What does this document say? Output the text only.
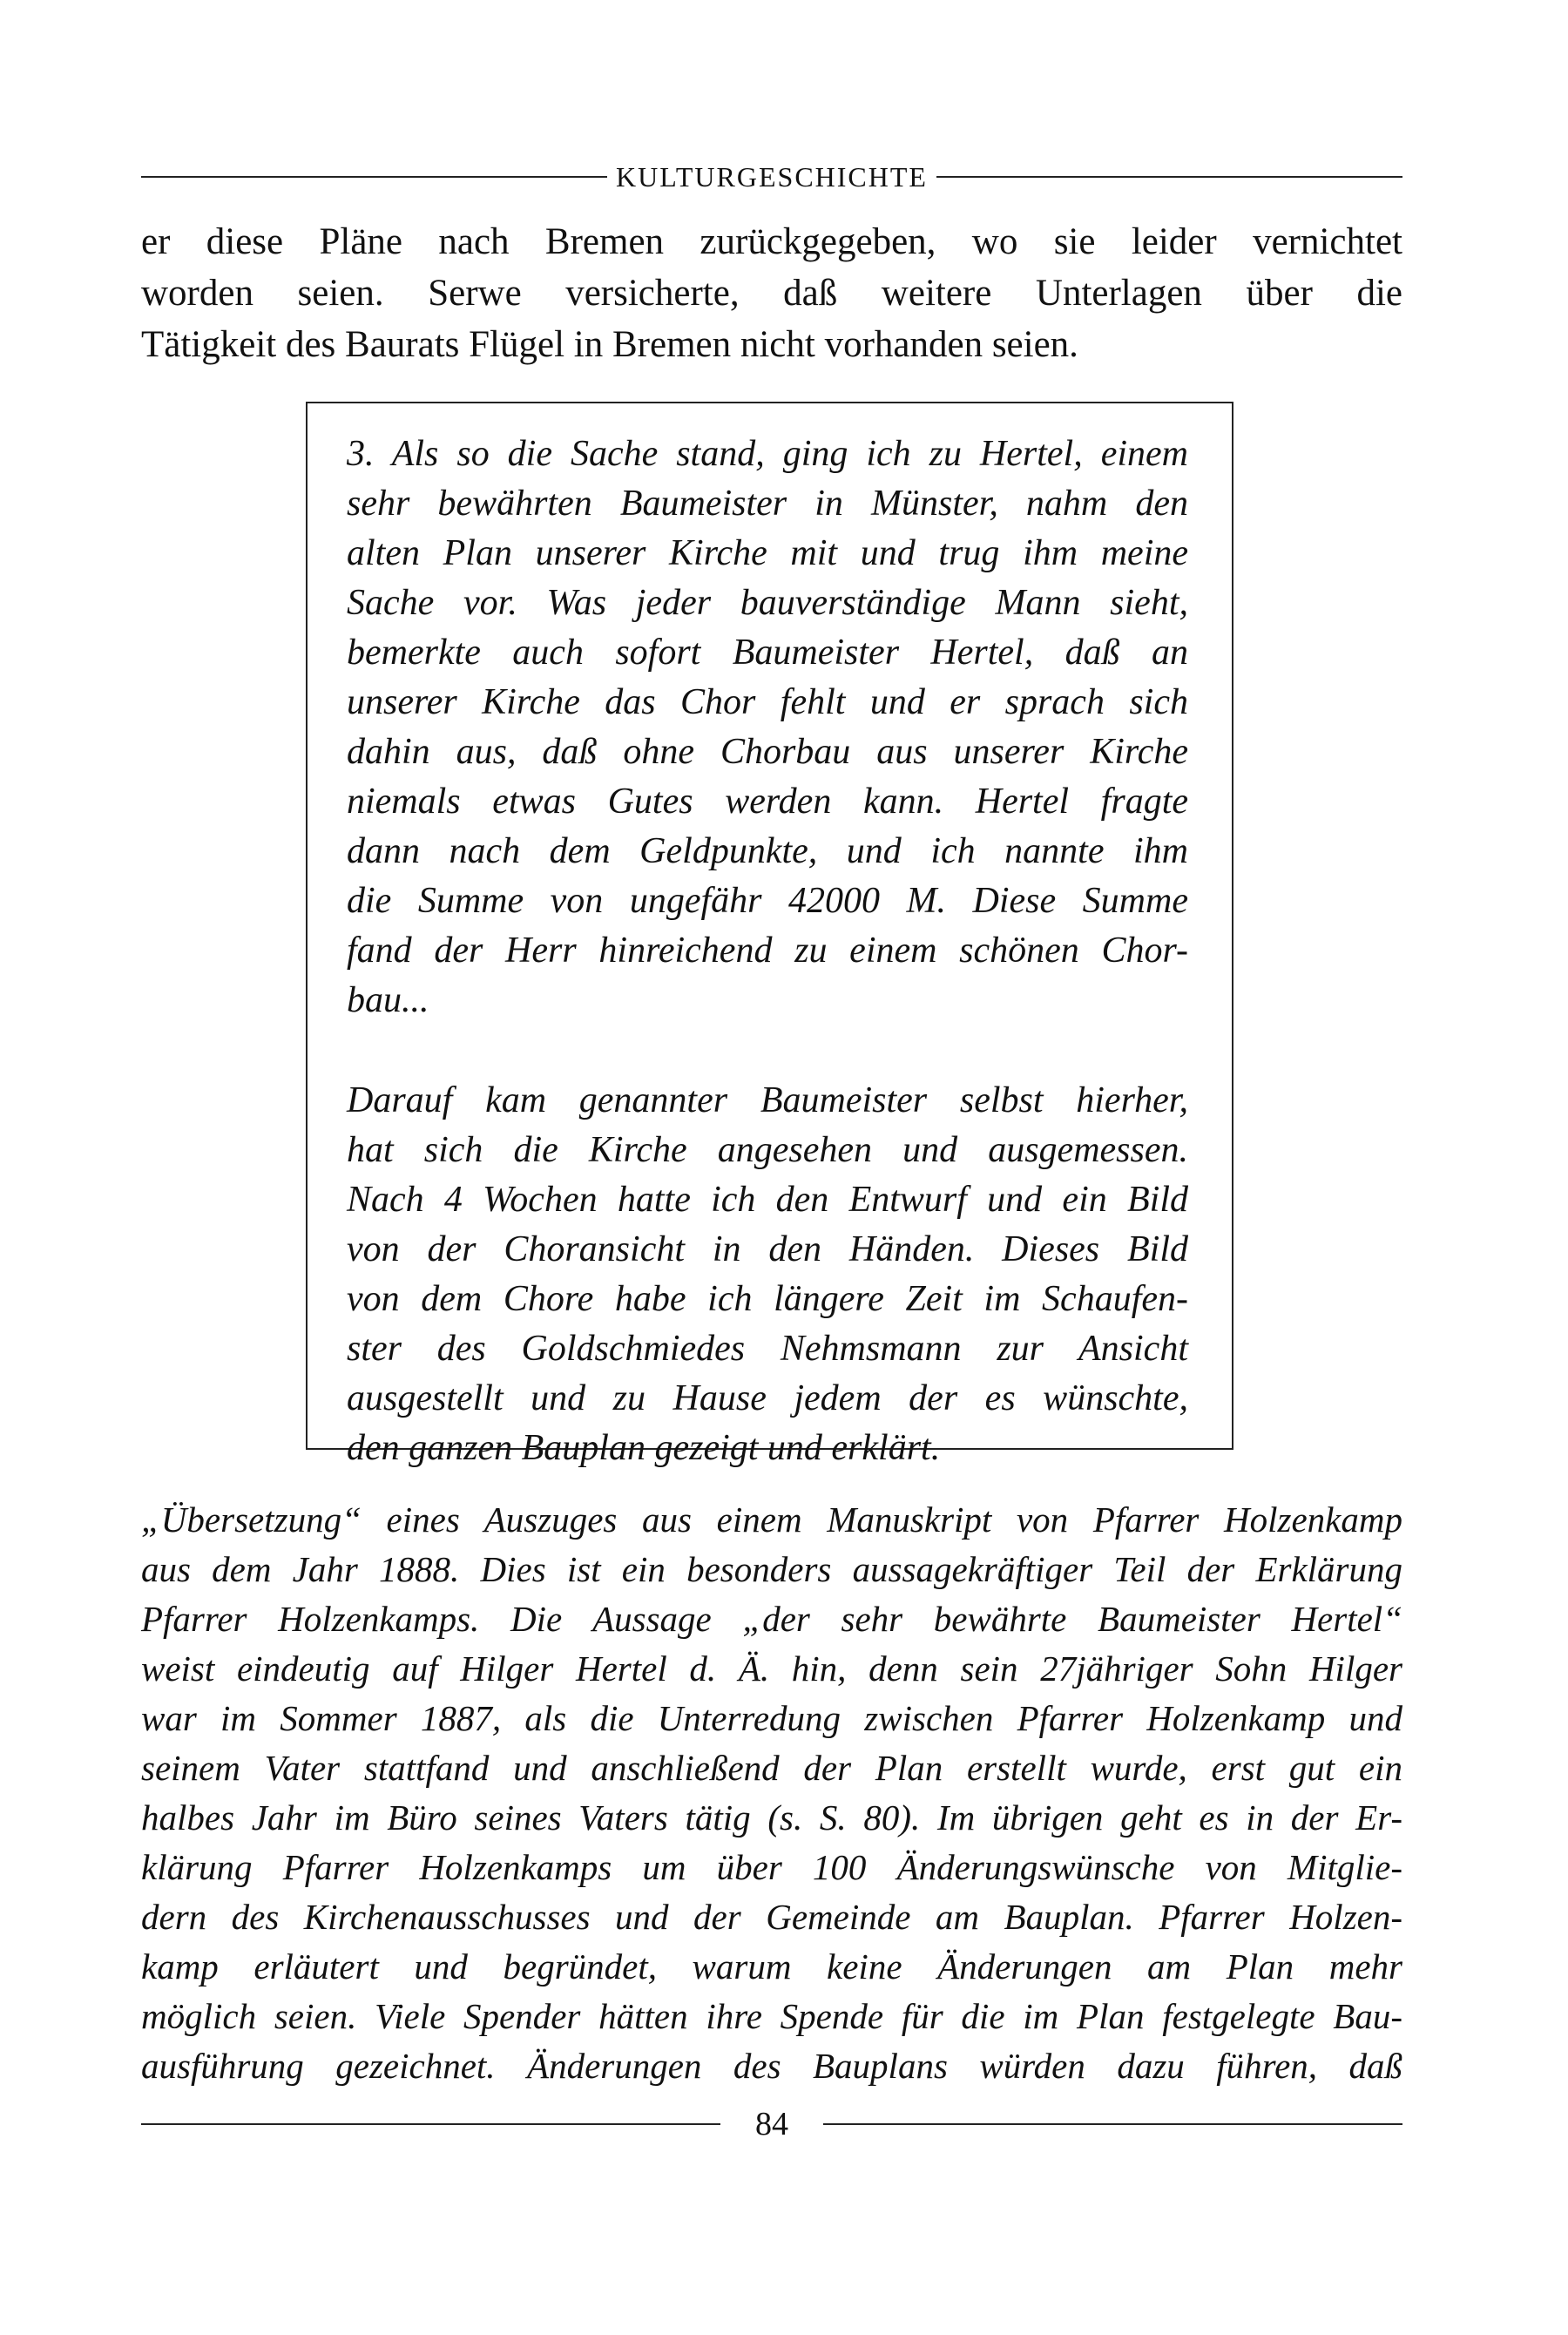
KULTURGESCHICHTE

er diese Pläne nach Bremen zurückgegeben, wo sie leider vernichtet
worden seien. Serwe versicherte, daß weitere Unterlagen über die
Tätigkeit des Baurats Flügel in Bremen nicht vorhanden seien.

3. Als so die Sache stand, ging ich zu Hertel, einem
sehr bewährten Baumeister in Münster, nahm den
alten Plan unserer Kirche mit und trug ihm meine
Sache vor. Was jeder bauverständige Mann sieht,
bemerkte auch sofort Baumeister Hertel, daß an
unserer Kirche das Chor fehlt und er sprach sich
dahin aus, daß ohne Chorbau aus unserer Kirche
niemals etwas Gutes werden kann. Hertel fragte
dann nach dem Geldpunkte, und ich nannte ihm
die Summe von ungefähr 42000 M. Diese Summe
fand der Herr hinreichend zu einem schönen Chor-
bau...

Darauf kam genannter Baumeister selbst hierher,
hat sich die Kirche angesehen und ausgemessen.
Nach 4 Wochen hatte ich den Entwurf und ein Bild
von der Choransicht in den Händen. Dieses Bild
von dem Chore habe ich längere Zeit im Schaufen-
ster des Goldschmiedes Nehmsmann zur Ansicht
ausgestellt und zu Hause jedem der es wünschte,
den ganzen Bauplan gezeigt und erklärt.

„Übersetzung“ eines Auszuges aus einem Manuskript von Pfarrer Holzenkamp
aus dem Jahr 1888. Dies ist ein besonders aussagekräftiger Teil der Erklärung
Pfarrer Holzenkamps. Die Aussage „der sehr bewährte Baumeister Hertel“
weist eindeutig auf Hilger Hertel d. Ä. hin, denn sein 27jähriger Sohn Hilger
war im Sommer 1887, als die Unterredung zwischen Pfarrer Holzenkamp und
seinem Vater stattfand und anschließend der Plan erstellt wurde, erst gut ein
halbes Jahr im Büro seines Vaters tätig (s. S. 80). Im übrigen geht es in der Er-
klärung Pfarrer Holzenkamps um über 100 Änderungswünsche von Mitglie-
dern des Kirchenausschusses und der Gemeinde am Bauplan. Pfarrer Holzen-
kamp erläutert und begründet, warum keine Änderungen am Plan mehr
möglich seien. Viele Spender hätten ihre Spende für die im Plan festgelegte Bau-
ausführung gezeichnet. Änderungen des Bauplans würden dazu führen, daß

84
